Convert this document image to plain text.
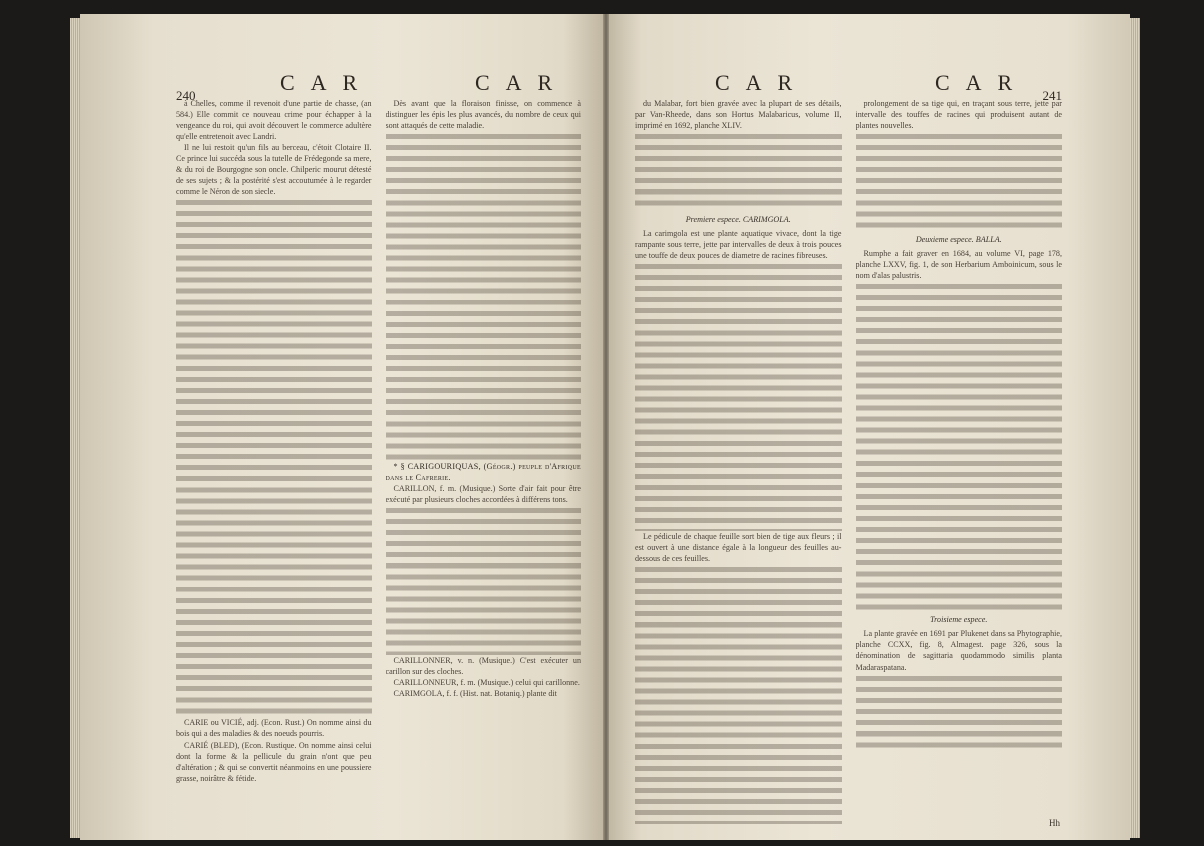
240
CAR	CAR

à Chelles, comme il revenoit d'une partie de chasse, (an 584.) Elle commit ce nouveau crime pour échapper à la vengeance du roi, qui avoit découvert le commerce adultère qu'elle entretenoit avec Landri.

Il ne lui restoit qu'un fils au berceau, c'étoit Clotaire II. Ce prince lui succéda sous la tutelle de Frédegonde sa mere, & du roi de Bourgogne son oncle. Chilperic mourut détesté de ses sujets ; & la postérité s'est accoutumée à le regarder comme le Néron de son siecle.

CARIE ou VICIÉ, adj. (Econ. Rust.) On nomme ainsi du bois qui a des maladies & des noeuds pourris.

CARIÉ (BLED), (Econ. Rustique. On nomme ainsi celui dont la forme & la pellicule du grain n'ont que peu d'altération ; & qui se convertit néanmoins en une poussiere grasse, noirâtre & fétide.

Dès avant que la floraison finisse, on commence à distinguer les épis les plus avancés, du nombre de ceux qui sont attaqués de cette maladie.

* § CARIGOURIQUAS, (Géogr.) peuple d'Afrique dans le Cafrerie.

CARILLON, f. m. (Musique.) Sorte d'air fait pour être exécuté par plusieurs cloches accordées à différens tons.

CARILLONNER, v. n. (Musique.) C'est exécuter un carillon sur des cloches.

CARILLONNEUR, f. m. (Musique.) celui qui carillonne.

CARIMGOLA, f. f. (Hist. nat. Botaniq.) plante dit

CAR	CAR
241

du Malabar, fort bien gravée avec la plupart de ses détails, par Van-Rheede, dans son Hortus Malabaricus, volume II, imprimé en 1692, planche XLIV.

Premiere espece. CARIMGOLA.

La carimgola est une plante aquatique vivace, dont la tige rampante sous terre, jette par intervalles de deux à trois pouces une touffe de deux pouces de diametre de racines fibreuses.

Le pédicule de chaque feuille sort bien de tige aux fleurs ; il est ouvert à une distance égale à la longueur des feuilles au-dessous de ces feuilles.

prolongement de sa tige qui, en traçant sous terre, jette par intervalle des touffes de racines qui produisent autant de plantes nouvelles.

Deuxieme espece. BALLA.

Rumphe a fait graver en 1684, au volume VI, page 178, planche LXXV, fig. 1, de son Herbarium Amboinicum, sous le nom d'alas palustris.

Troisieme espece.

La plante gravée en 1691 par Plukenet dans sa Phytographie, planche CCXX, fig. 8, Almagest. page 326, sous la dénomination de sagittaria quodammodo similis planta Madaraspatana.

Hh
